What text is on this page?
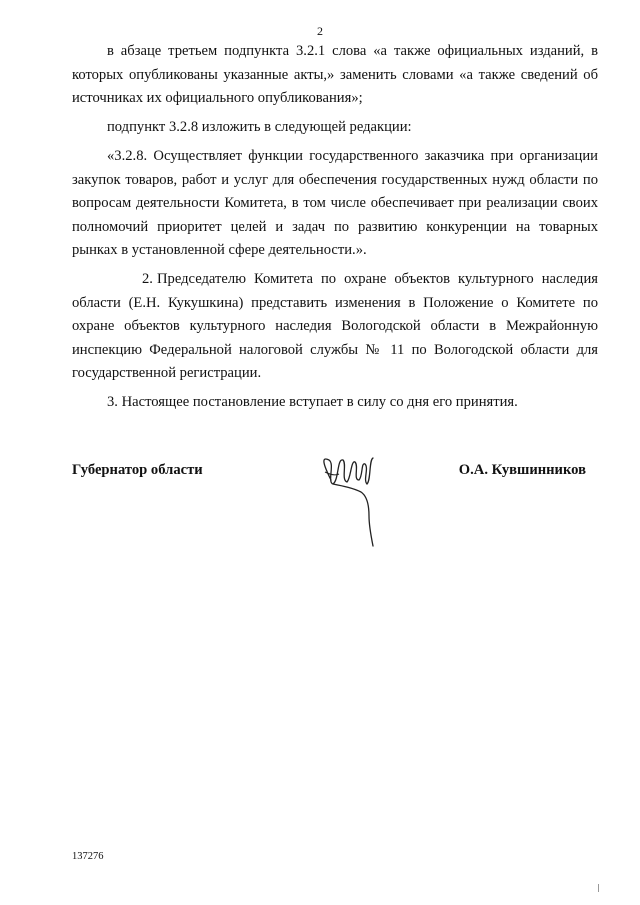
2

в абзаце третьем подпункта 3.2.1 слова «а также официальных изданий, в которых опубликованы указанные акты,» заменить словами «а также сведений об источниках их официального опубликования»;

подпункт 3.2.8 изложить в следующей редакции:

«3.2.8. Осуществляет функции государственного заказчика при организации закупок товаров, работ и услуг для обеспечения государственных нужд области по вопросам деятельности Комитета, в том числе обеспечивает при реализации своих полномочий приоритет целей и задач по развитию конкуренции на товарных рынках в установленной сфере деятельности.».

2. Председателю Комитета по охране объектов культурного наследия области (Е.Н. Кукушкина) представить изменения в Положение о Комитете по охране объектов культурного наследия Вологодской области в Межрайонную инспекцию Федеральной налоговой службы № 11 по Вологодской области для государственной регистрации.

3. Настоящее постановление вступает в силу со дня его принятия.

Губернатор области	О.А. Кувшинников
137276
